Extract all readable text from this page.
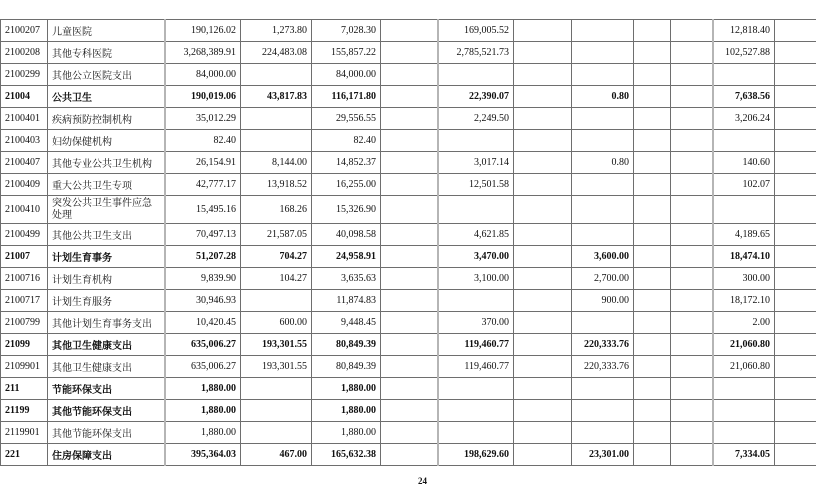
2100207	儿童医院	190,126.02	1,273.80	7,028.30		169,005.52					12,818.40	
2100208	其他专科医院	3,268,389.91	224,483.08	155,857.22		2,785,521.73					102,527.88	
2100299	其他公立医院支出	84,000.00		84,000.00								
21004	公共卫生	190,019.06	43,817.83	116,171.80		22,390.07		0.80			7,638.56	
2100401	疾病预防控制机构	35,012.29		29,556.55		2,249.50					3,206.24	
2100403	妇幼保健机构	82.40		82.40								
2100407	其他专业公共卫生机构	26,154.91	8,144.00	14,852.37		3,017.14		0.80			140.60	
2100409	重大公共卫生专项	42,777.17	13,918.52	16,255.00		12,501.58					102.07	
2100410	突发公共卫生事件应急处理	15,495.16	168.26	15,326.90								
2100499	其他公共卫生支出	70,497.13	21,587.05	40,098.58		4,621.85					4,189.65	
21007	计划生育事务	51,207.28	704.27	24,958.91		3,470.00		3,600.00			18,474.10	
2100716	计划生育机构	9,839.90	104.27	3,635.63		3,100.00		2,700.00			300.00	
2100717	计划生育服务	30,946.93		11,874.83				900.00			18,172.10	
2100799	其他计划生育事务支出	10,420.45	600.00	9,448.45		370.00					2.00	
21099	其他卫生健康支出	635,006.27	193,301.55	80,849.39		119,460.77		220,333.76			21,060.80	
2109901	其他卫生健康支出	635,006.27	193,301.55	80,849.39		119,460.77		220,333.76			21,060.80	
211	节能环保支出	1,880.00		1,880.00								
21199	其他节能环保支出	1,880.00		1,880.00								
2119901	其他节能环保支出	1,880.00		1,880.00								
221	住房保障支出	395,364.03	467.00	165,632.38		198,629.60		23,301.00			7,334.05	
24
